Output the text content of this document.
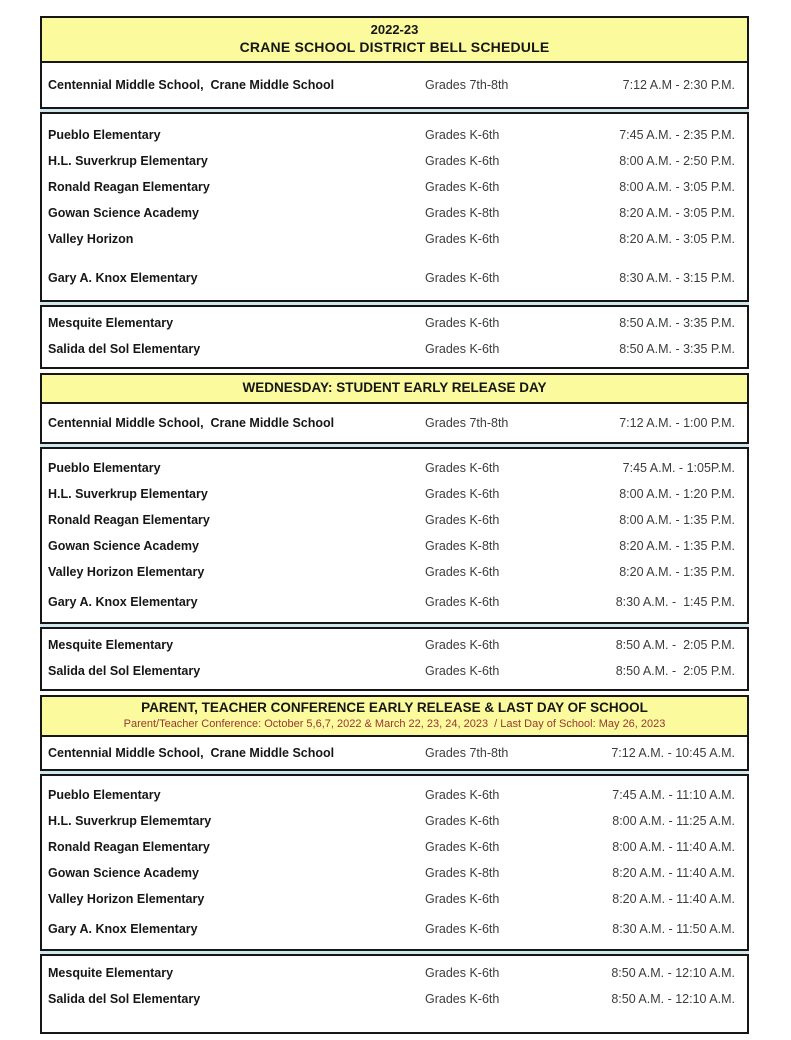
2022-23
CRANE SCHOOL DISTRICT BELL SCHEDULE
Centennial Middle School,  Crane Middle School	Grades 7th-8th	7:12 A.M - 2:30 P.M.
Pueblo Elementary	Grades K-6th	7:45 A.M. - 2:35 P.M.
H.L. Suverkrup Elementary	Grades K-6th	8:00 A.M. - 2:50 P.M.
Ronald Reagan Elementary	Grades K-6th	8:00 A.M. - 3:05 P.M.
Gowan Science Academy	Grades K-8th	8:20 A.M. - 3:05 P.M.
Valley Horizon	Grades K-6th	8:20 A.M. - 3:05 P.M.
Gary A. Knox Elementary	Grades K-6th	8:30 A.M. - 3:15 P.M.
Mesquite Elementary	Grades K-6th	8:50 A.M. - 3:35 P.M.
Salida del Sol Elementary	Grades K-6th	8:50 A.M. - 3:35 P.M.
WEDNESDAY: STUDENT EARLY RELEASE DAY
Centennial Middle School,  Crane Middle School	Grades 7th-8th	7:12 A.M. - 1:00 P.M.
Pueblo Elementary	Grades K-6th	7:45 A.M. - 1:05P.M.
H.L. Suverkrup Elementary	Grades K-6th	8:00 A.M. - 1:20 P.M.
Ronald Reagan Elementary	Grades K-6th	8:00 A.M. - 1:35 P.M.
Gowan Science Academy	Grades K-8th	8:20 A.M. - 1:35 P.M.
Valley Horizon Elementary	Grades K-6th	8:20 A.M. - 1:35 P.M.
Gary A. Knox Elementary	Grades K-6th	8:30 A.M. -  1:45 P.M.
Mesquite Elementary	Grades K-6th	8:50 A.M. -  2:05 P.M.
Salida del Sol Elementary	Grades K-6th	8:50 A.M. -  2:05 P.M.
PARENT, TEACHER CONFERENCE EARLY RELEASE & LAST DAY OF SCHOOL
Parent/Teacher Conference: October 5,6,7, 2022 & March 22, 23, 24, 2023  / Last Day of School: May 26, 2023
Centennial Middle School,  Crane Middle School	Grades 7th-8th	7:12 A.M. - 10:45 A.M.
Pueblo Elementary	Grades K-6th	7:45 A.M. - 11:10 A.M.
H.L. Suverkrup Elememtary	Grades K-6th	8:00 A.M. - 11:25 A.M.
Ronald Reagan Elementary	Grades K-6th	8:00 A.M. - 11:40 A.M.
Gowan Science Academy	Grades K-8th	8:20 A.M. - 11:40 A.M.
Valley Horizon Elementary	Grades K-6th	8:20 A.M. - 11:40 A.M.
Gary A. Knox Elementary	Grades K-6th	8:30 A.M. - 11:50 A.M.
Mesquite Elementary	Grades K-6th	8:50 A.M. - 12:10 A.M.
Salida del Sol Elementary	Grades K-6th	8:50 A.M. - 12:10 A.M.
